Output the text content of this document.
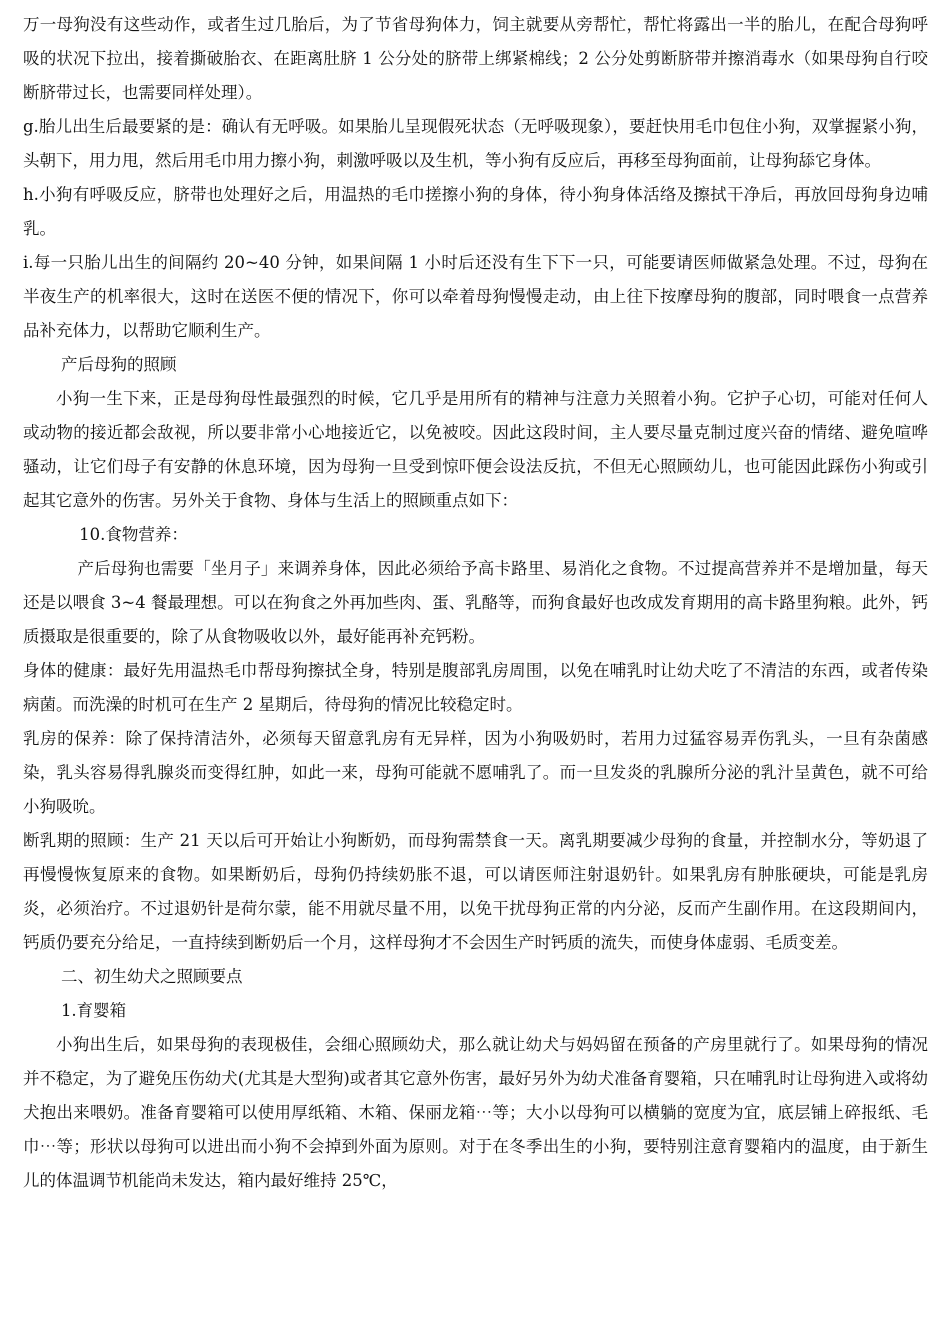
万一母狗没有这些动作，或者生过几胎后，为了节省母狗体力，饲主就要从旁帮忙，帮忙将露出一半的胎儿，在配合母狗呼吸的状况下拉出，接着撕破胎衣、在距离肚脐 1 公分处的脐带上绑紧棉线；2 公分处剪断脐带并擦消毒水（如果母狗自行咬断脐带过长，也需要同样处理）。

g.胎儿出生后最要紧的是：确认有无呼吸。如果胎儿呈现假死状态（无呼吸现象），要赶快用毛巾包住小狗，双掌握紧小狗，头朝下，用力甩，然后用毛巾用力擦小狗，刺激呼吸以及生机，等小狗有反应后，再移至母狗面前，让母狗舔它身体。

h.小狗有呼吸反应，脐带也处理好之后，用温热的毛巾搓擦小狗的身体，待小狗身体活络及擦拭干净后，再放回母狗身边哺乳。

i.每一只胎儿出生的间隔约 20~40 分钟，如果间隔 1 小时后还没有生下下一只，可能要请医师做紧急处理。不过，母狗在半夜生产的机率很大，这时在送医不便的情况下，你可以牵着母狗慢慢走动，由上往下按摩母狗的腹部，同时喂食一点营养品补充体力，以帮助它顺利生产。

产后母狗的照顾

小狗一生下来，正是母狗母性最强烈的时候，它几乎是用所有的精神与注意力关照着小狗。它护子心切，可能对任何人或动物的接近都会敌视，所以要非常小心地接近它，以免被咬。因此这段时间，主人要尽量克制过度兴奋的情绪、避免喧哗骚动，让它们母子有安静的休息环境，因为母狗一旦受到惊吓便会设法反抗，不但无心照顾幼儿，也可能因此踩伤小狗或引起其它意外的伤害。另外关于食物、身体与生活上的照顾重点如下：

10.食物营养：

产后母狗也需要「坐月子」来调养身体，因此必须给予高卡路里、易消化之食物。不过提高营养并不是增加量，每天还是以喂食 3~4 餐最理想。可以在狗食之外再加些肉、蛋、乳酪等，而狗食最好也改成发育期用的高卡路里狗粮。此外，钙质摄取是很重要的，除了从食物吸收以外，最好能再补充钙粉。

身体的健康：最好先用温热毛巾帮母狗擦拭全身，特别是腹部乳房周围，以免在哺乳时让幼犬吃了不清洁的东西，或者传染病菌。而洗澡的时机可在生产 2 星期后，待母狗的情况比较稳定时。

乳房的保养：除了保持清洁外，必须每天留意乳房有无异样，因为小狗吸奶时，若用力过猛容易弄伤乳头，一旦有杂菌感染，乳头容易得乳腺炎而变得红肿，如此一来，母狗可能就不愿哺乳了。而一旦发炎的乳腺所分泌的乳汁呈黄色，就不可给小狗吸吮。

断乳期的照顾：生产 21 天以后可开始让小狗断奶，而母狗需禁食一天。离乳期要减少母狗的食量，并控制水分，等奶退了再慢慢恢复原来的食物。如果断奶后，母狗仍持续奶胀不退，可以请医师注射退奶针。如果乳房有肿胀硬块，可能是乳房炎，必须治疗。不过退奶针是荷尔蒙，能不用就尽量不用，以免干扰母狗正常的内分泌，反而产生副作用。在这段期间内，钙质仍要充分给足，一直持续到断奶后一个月，这样母狗才不会因生产时钙质的流失，而使身体虚弱、毛质变差。

二、初生幼犬之照顾要点

1.育婴箱

小狗出生后，如果母狗的表现极佳，会细心照顾幼犬，那么就让幼犬与妈妈留在预备的产房里就行了。如果母狗的情况并不稳定，为了避免压伤幼犬(尤其是大型狗)或者其它意外伤害，最好另外为幼犬准备育婴箱，只在哺乳时让母狗进入或将幼犬抱出来喂奶。准备育婴箱可以使用厚纸箱、木箱、保丽龙箱⋯等；大小以母狗可以横躺的宽度为宜，底层铺上碎报纸、毛巾⋯等；形状以母狗可以进出而小狗不会掉到外面为原则。对于在冬季出生的小狗，要特别注意育婴箱内的温度，由于新生儿的体温调节机能尚未发达，箱内最好维持 25℃，
